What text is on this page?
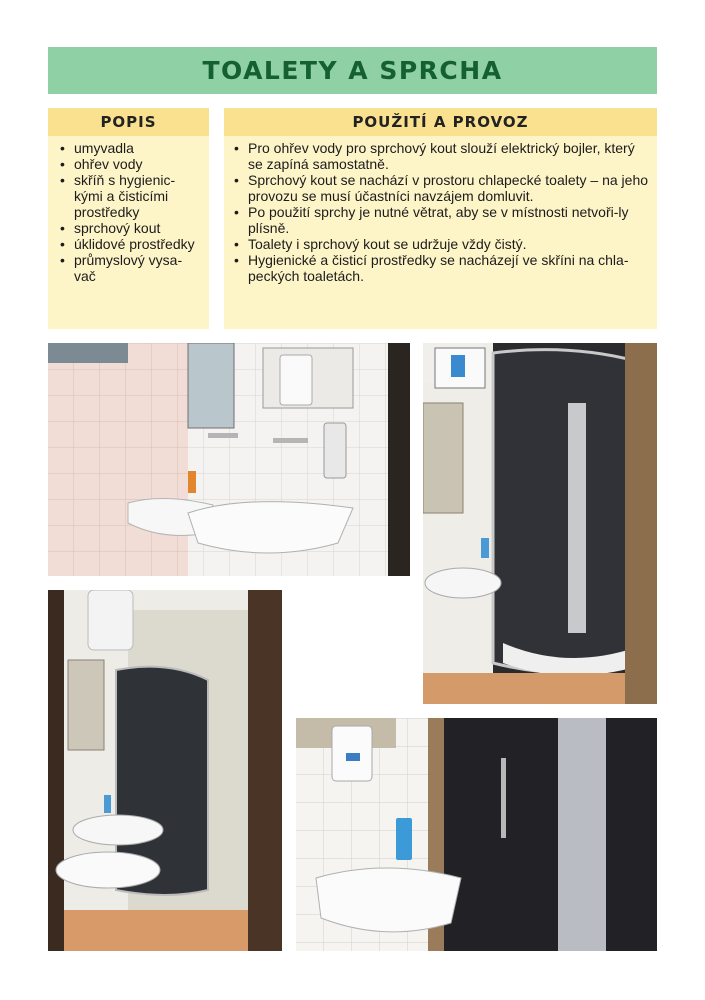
TOALETY A SPRCHA
POPIS
• umyvadla
• ohřev vody
• skříň s hygienic-kými a čisticími prostředky
• sprchový kout
• úklidové prostředky
• průmyslový vysa-vač
POUŽITÍ A PROVOZ
• Pro ohřev vody pro sprchový kout slouží elektrický bojler, který se zapíná samostatně.
• Sprchový kout se nachází v prostoru chlapecké toalety – na jeho provozu se musí účastníci navzájem domluvit.
• Po použití sprchy je nutné větrat, aby se v místnosti netvoři-ly plísně.
• Toalety i sprchový kout se udržuje vždy čistý.
• Hygienické a čisticí prostředky se nacházejí ve skříni na chla-peckých toaletách.
